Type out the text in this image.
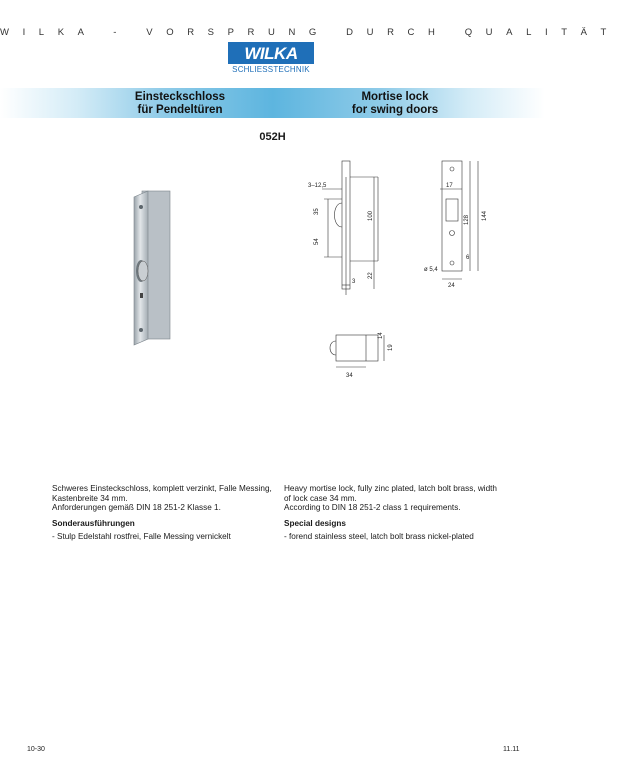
WILKA - VORSPRUNG DURCH QUALITÄT
WILKA
SCHLIESSTECHNIK
Einsteckschloss
für Pendeltüren
Mortise lock
for swing doors
052H
3–12,5
35
54
100
22
3
17
128 144
6
ø 5,4
24
14
19
34

Schweres Einsteckschloss, komplett verzinkt, Falle Messing,

Kastenbreite 34 mm.

Anforderungen gemäß DIN 18 251-2 Klasse 1.

Sonderausführungen

- Stulp Edelstahl rostfrei, Falle Messing vernickelt

Heavy mortise lock, fully zinc plated, latch bolt brass, width

of lock case 34 mm.

According to DIN 18 251-2 class 1 requirements.

Special designs

- forend stainless steel, latch bolt brass nickel-plated

10-30	11.11
